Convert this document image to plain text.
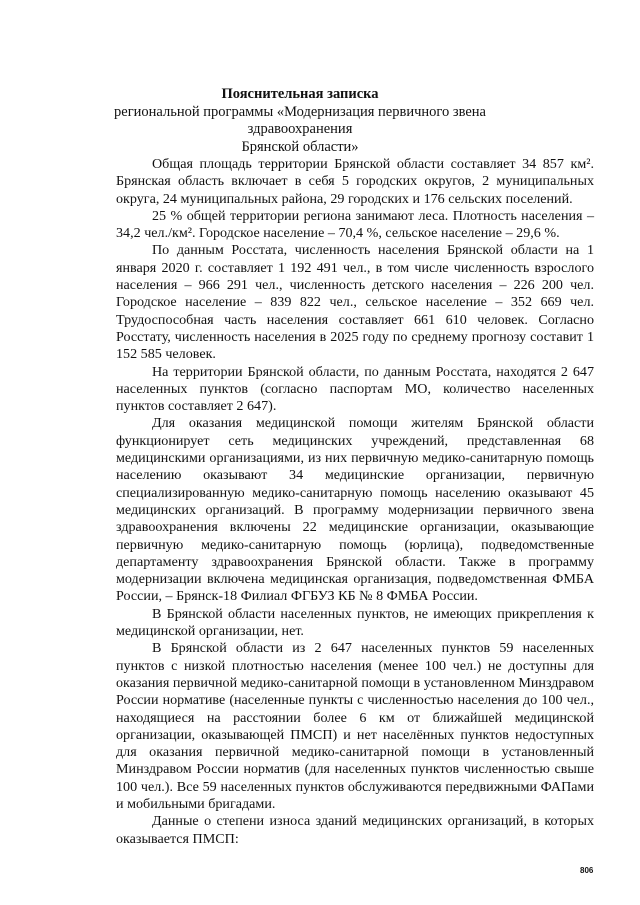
Пояснительная записка
региональной программы «Модернизация первичного звена здравоохранения
Брянской области»

Общая площадь территории Брянской области составляет 34 857 км². Брянская область включает в себя 5 городских округов, 2 муниципальных округа, 24 муниципальных района, 29 городских и 176 сельских поселений.

25 % общей территории региона занимают леса. Плотность населения – 34,2 чел./км². Городское население – 70,4 %, сельское население – 29,6 %.

По данным Росстата, численность населения Брянской области на 1 января 2020 г. составляет 1 192 491 чел., в том числе численность взрослого населения – 966 291 чел., численность детского населения – 226 200 чел. Городское население – 839 822 чел., сельское население – 352 669 чел. Трудоспособная часть населения составляет 661 610 человек. Согласно Росстату, численность населения в 2025 году по среднему прогнозу составит 1 152 585 человек.

На территории Брянской области, по данным Росстата, находятся 2 647 населенных пунктов (согласно паспортам МО, количество населенных пунктов составляет 2 647).

Для оказания медицинской помощи жителям Брянской области функционирует сеть медицинских учреждений, представленная 68 медицинскими организациями, из них первичную медико-санитарную помощь населению оказывают 34 медицинские организации, первичную специализированную медико-санитарную помощь населению оказывают 45 медицинских организаций. В программу модернизации первичного звена здравоохранения включены 22 медицинские организации, оказывающие первичную медико-санитарную помощь (юрлица), подведомственные департаменту здравоохранения Брянской области. Также в программу модернизации включена медицинская организация, подведомственная ФМБА России, – Брянск-18 Филиал ФГБУЗ КБ № 8 ФМБА России.

В Брянской области населенных пунктов, не имеющих прикрепления к медицинской организации, нет.

В Брянской области из 2 647 населенных пунктов 59 населенных пунктов с низкой плотностью населения (менее 100 чел.) не доступны для оказания первичной медико-санитарной помощи в установленном Минздравом России нормативе (населенные пункты с численностью населения до 100 чел., находящиеся на расстоянии более 6 км от ближайшей медицинской организации, оказывающей ПМСП) и нет населённых пунктов недоступных для оказания первичной медико-санитарной помощи в установленный Минздравом России норматив (для населенных пунктов численностью свыше 100 чел.). Все 59 населенных пунктов обслуживаются передвижными ФАПами и мобильными бригадами.

Данные о степени износа зданий медицинских организаций, в которых оказывается ПМСП:

806
